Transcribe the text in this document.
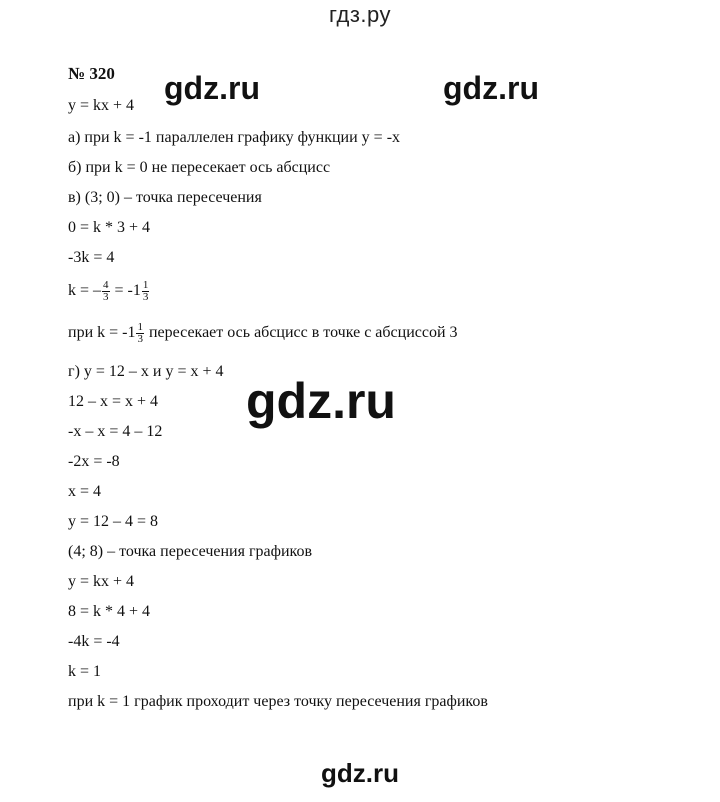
гдз.ру
№ 320
y = kx + 4
а) при k = -1 параллелен графику функции y = -x
б) при k = 0 не пересекает ось абсцисс
в) (3; 0) – точка пересечения
0 = k * 3 + 4
-3k = 4
k = – $\frac{4}{3} = -1 \frac{1}{3}$
при $k = -1 \frac{1}{3}$ пересекает ось абсцисс в точке с абсциссой 3
г) y = 12 – x и y = x + 4
12 – x = x + 4
-x – x = 4 – 12
-2x = -8
x = 4
y = 12 – 4 = 8
(4; 8) – точка пересечения графиков
y = kx + 4
8 = k * 4 + 4
-4k = -4
k = 1
при k = 1 график проходит через точку пересечения графиков
gdz.ru	gdz.ru
gdz.ru
gdz.ru
